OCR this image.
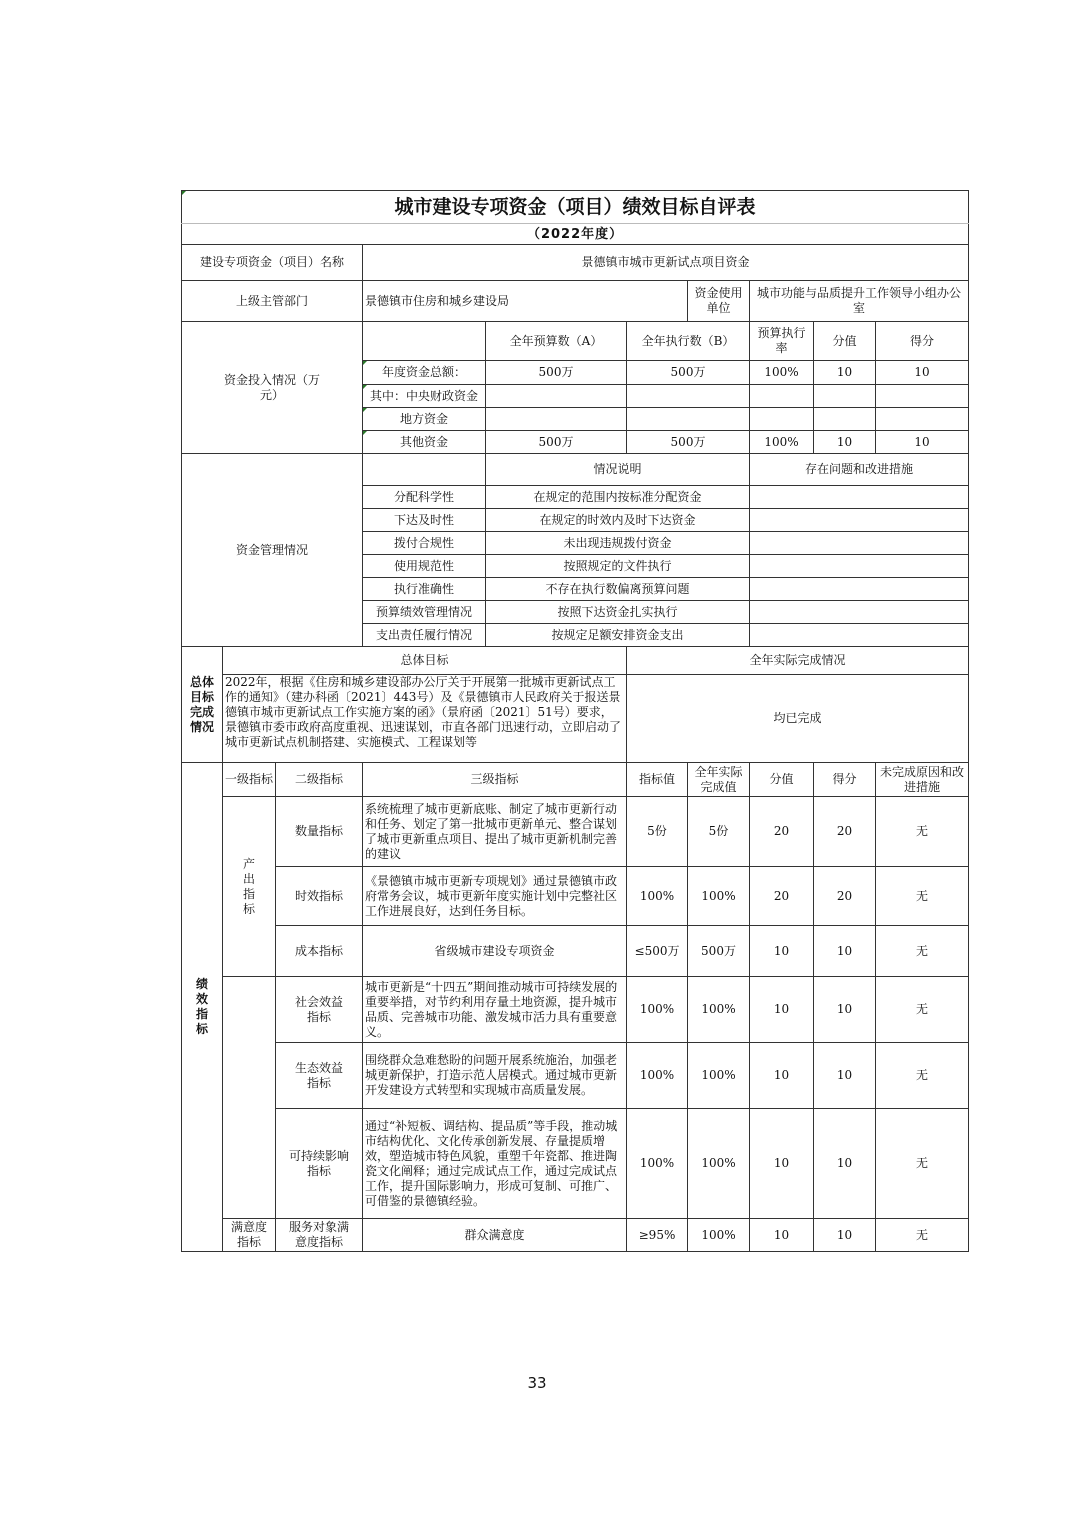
城市建设专项资金（项目）绩效目标自评表									
（2022年度）									
建设专项资金（项目）名称			景德镇市城市更新试点项目资金						
上级主管部门			景德镇市住房和城乡建设局			资金使用单位	城市功能与品质提升工作领导小组办公室		
资金投入情况（万元）				全年预算数（A）	全年执行数（B）		预算执行率	分值	得分
			年度资金总额：	500万	500万		100%	10	10
			其中：中央财政资金						
			地方资金						
			其他资金	500万	500万		100%	10	10
资金管理情况				情况说明			存在问题和改进措施		
			分配科学性	在规定的范围内按标准分配资金					
			下达及时性	在规定的时效内及时下达资金					
			拨付合规性	未出现违规拨付资金					
			使用规范性	按照规定的文件执行					
			执行准确性	不存在执行数偏离预算问题					
			预算绩效管理情况	按照下达资金扎实执行					
			支出责任履行情况	按规定足额安排资金支出					
总体目标完成情况	总体目标				全年实际完成情况				
	2022年，根据《住房和城乡建设部办公厅关于开展第一批城市更新试点工作的通知》（建办科函〔2021〕443号）及《景德镇市人民政府关于报送景德镇市城市更新试点工作实施方案的函》（景府函〔2021〕51号）要求，景德镇市委市政府高度重视、迅速谋划，市直各部门迅速行动，立即启动了城市更新试点机制搭建、实施模式、工程谋划等				均已完成				
绩效指标	一级指标	二级指标	三级指标		指标值	全年实际完成值	分值	得分	未完成原因和改进措施
	产出指标	数量指标	系统梳理了城市更新底账、制定了城市更新行动和任务、划定了第一批城市更新单元、整合谋划了城市更新重点项目、提出了城市更新机制完善的建议		5份	5份	20	20	无
		时效指标	《景德镇市城市更新专项规划》通过景德镇市政府常务会议，城市更新年度实施计划中完整社区工作进展良好，达到任务目标。		100%	100%	20	20	无
		成本指标	省级城市建设专项资金		≤500万	500万	10	10	无
		社会效益指标	城市更新是“十四五”期间推动城市可持续发展的重要举措，对节约利用存量土地资源，提升城市品质、完善城市功能、激发城市活力具有重要意义。		100%	100%	10	10	无
		生态效益指标	围绕群众急难愁盼的问题开展系统施治，加强老城更新保护，打造示范人居模式。通过城市更新开发建设方式转型和实现城市高质量发展。		100%	100%	10	10	无
		可持续影响指标	通过“补短板、调结构、提品质”等手段，推动城市结构优化、文化传承创新发展、存量提质增效，塑造城市特色风貌，重塑千年瓷都、推进陶瓷文化阐释；通过完成试点工作，通过完成试点工作，提升国际影响力，形成可复制、可推广、可借鉴的景德镇经验。		100%	100%	10	10	无
	满意度指标	服务对象满意度指标	群众满意度		≥95%	100%	10	10	无
33
